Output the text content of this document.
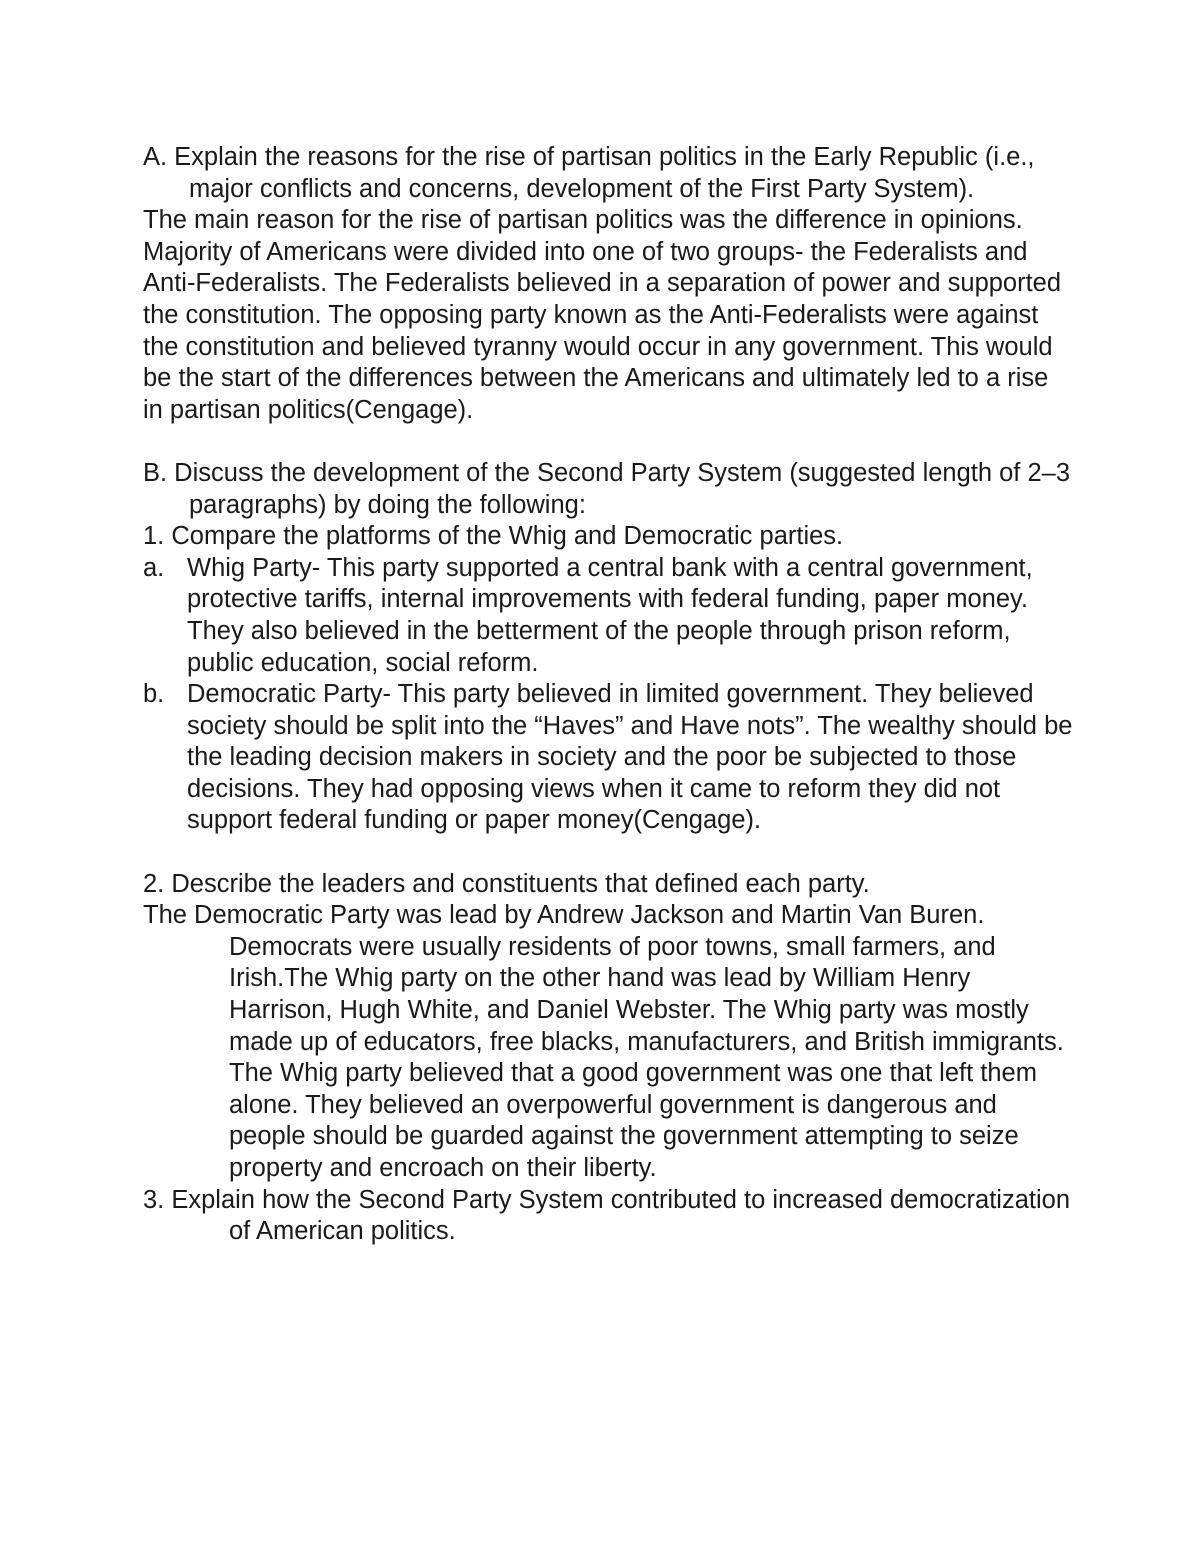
A. Explain the reasons for the rise of partisan politics in the Early Republic (i.e., major conflicts and concerns, development of the First Party System).

The main reason for the rise of partisan politics was the difference in opinions. Majority of Americans were divided into one of two groups- the Federalists and Anti-Federalists. The Federalists believed in a separation of power and supported the constitution. The opposing party known as the Anti-Federalists were against the constitution and believed tyranny would occur in any government. This would be the start of the differences between the Americans and ultimately led to a rise in partisan politics(Cengage).

B. Discuss the development of the Second Party System (suggested length of 2–3 paragraphs) by doing the following:

1. Compare the platforms of the Whig and Democratic parties.

a. Whig Party- This party supported a central bank with a central government, protective tariffs, internal improvements with federal funding, paper money. They also believed in the betterment of the people through prison reform, public education, social reform.
b. Democratic Party- This party believed in limited government. They believed society should be split into the “Haves” and Have nots”. The wealthy should be the leading decision makers in society and the poor be subjected to those decisions. They had opposing views when it came to reform they did not support federal funding or paper money(Cengage).

2. Describe the leaders and constituents that defined each party.

The Democratic Party was lead by Andrew Jackson and Martin Van Buren. Democrats were usually residents of poor towns, small farmers, and Irish.The Whig party on the other hand was lead by William Henry Harrison, Hugh White, and Daniel Webster. The Whig party was mostly made up of educators, free blacks, manufacturers, and British immigrants. The Whig party believed that a good government was one that left them alone. They believed an overpowerful government is dangerous and people should be guarded against the government attempting to seize property and encroach on their liberty.

3. Explain how the Second Party System contributed to increased democratization of American politics.
